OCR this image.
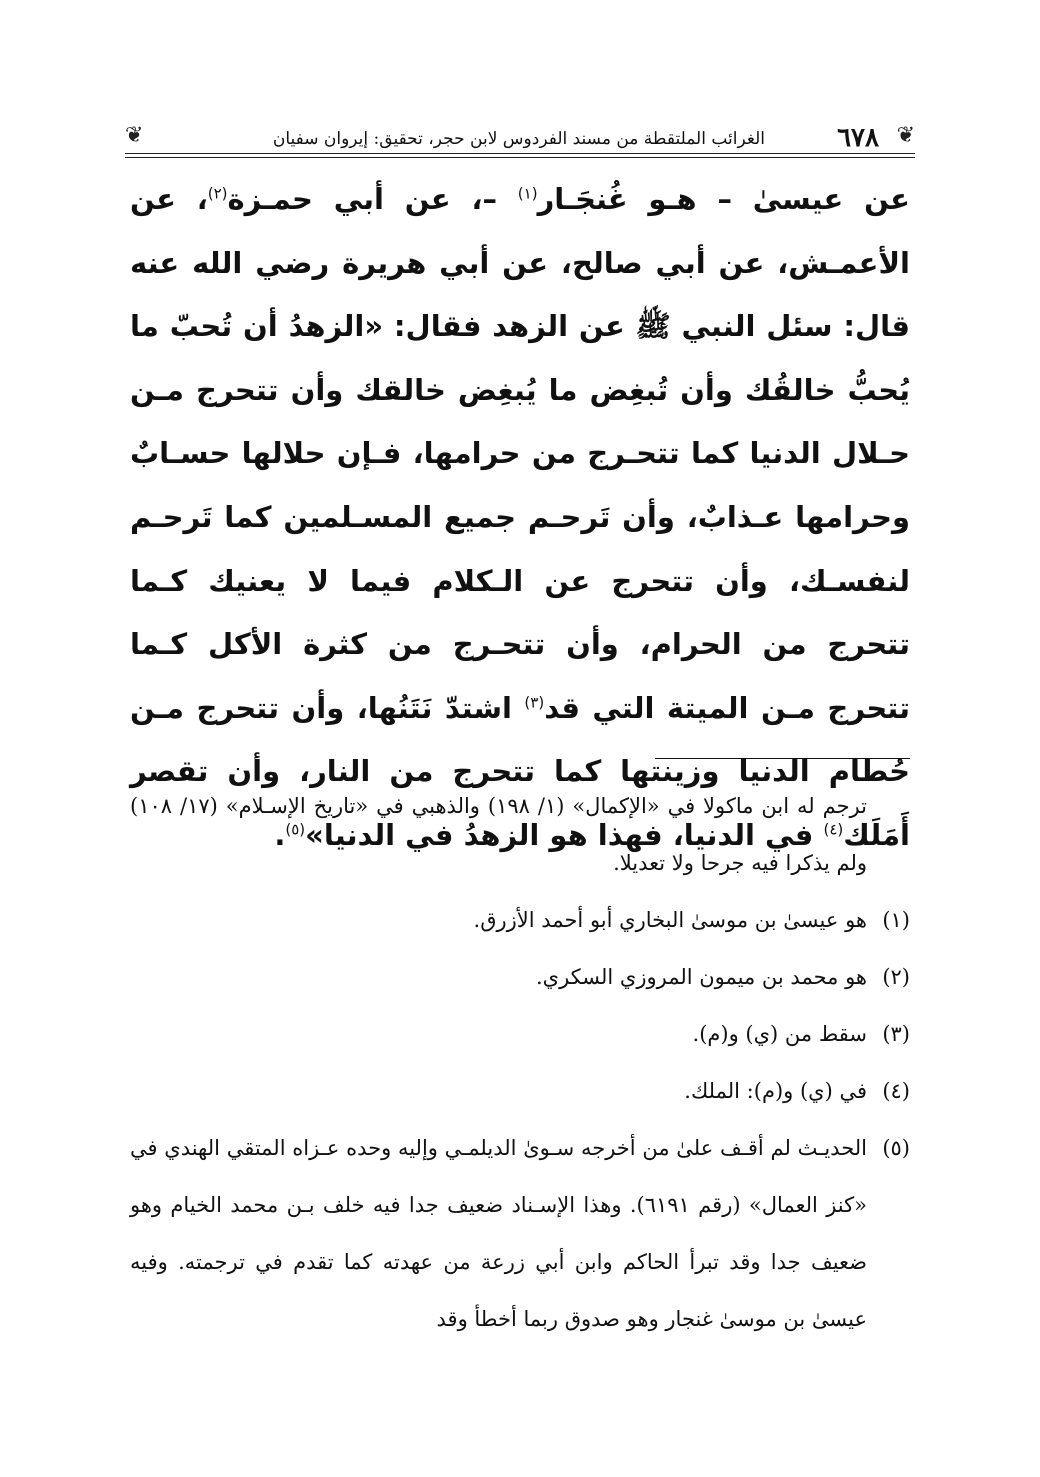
❦
٦٧٨
الغرائب الملتقطة من مسند الفردوس لابن حجر، تحقيق: إيروان سفيان
❦

عن عيسىٰ – هـو غُنجَـار$^{(١)}$ –، عن أبي حمـزة$^{(٢)}$، عن الأعمـش، عن أبي صالح، عن أبي هريرة رضي الله عنه قال: سئل النبي ﷺ عن الزهد فقال: «الزهدُ أن تُحبّ ما يُحبُّ خالقُك وأن تُبغِض ما يُبغِض خالقك وأن تتحرج مـن حـلال الدنيا كما تتحـرج من حرامها، فـإن حلالها حسـابٌ وحرامها عـذابٌ، وأن تَرحـم جميع المسـلمين كما تَرحـم لنفسـك، وأن تتحرج عن الـكلام فيما لا يعنيك كـما تتحرج من الحرام، وأن تتحـرج من كثرة الأكل كـما تتحرج مـن الميتة التي قد$^{(٣)}$ اشتدّ نَتَنُها، وأن تتحرج مـن حُطام الدنيا وزينتها كما تتحرج من النار، وأن تقصر أَمَلَك$^{(٤)}$ في الدنيا، فهذا هو الزهدُ في الدنيا»$^{(٥)}$.

ترجم له ابن ماكولا في «الإكمال» (١/ ١٩٨) والذهبي في «تاريخ الإسـلام» (١٧/ ١٠٨) ولم يذكرا فيه جرحا ولا تعديلا.

(١)
هو عيسىٰ بن موسىٰ البخاري أبو أحمد الأزرق.
(٢)
هو محمد بن ميمون المروزي السكري.
(٣)
سقط من (ي) و(م).
(٤)
في (ي) و(م): الملك.
(٥)
الحديـث لم أقـف علىٰ من أخرجه سـوىٰ الديلمـي وإليه وحده عـزاه المتقي الهندي في «كنز العمال» (رقم ٦١٩١). وهذا الإسـناد ضعيف جدا فيه خلف بـن محمد الخيام وهو ضعيف جدا وقد تبرأ الحاكم وابن أبي زرعة من عهدته كما تقدم في ترجمته. وفيه عيسىٰ بن موسىٰ غنجار وهو صدوق ربما أخطأ وقد
